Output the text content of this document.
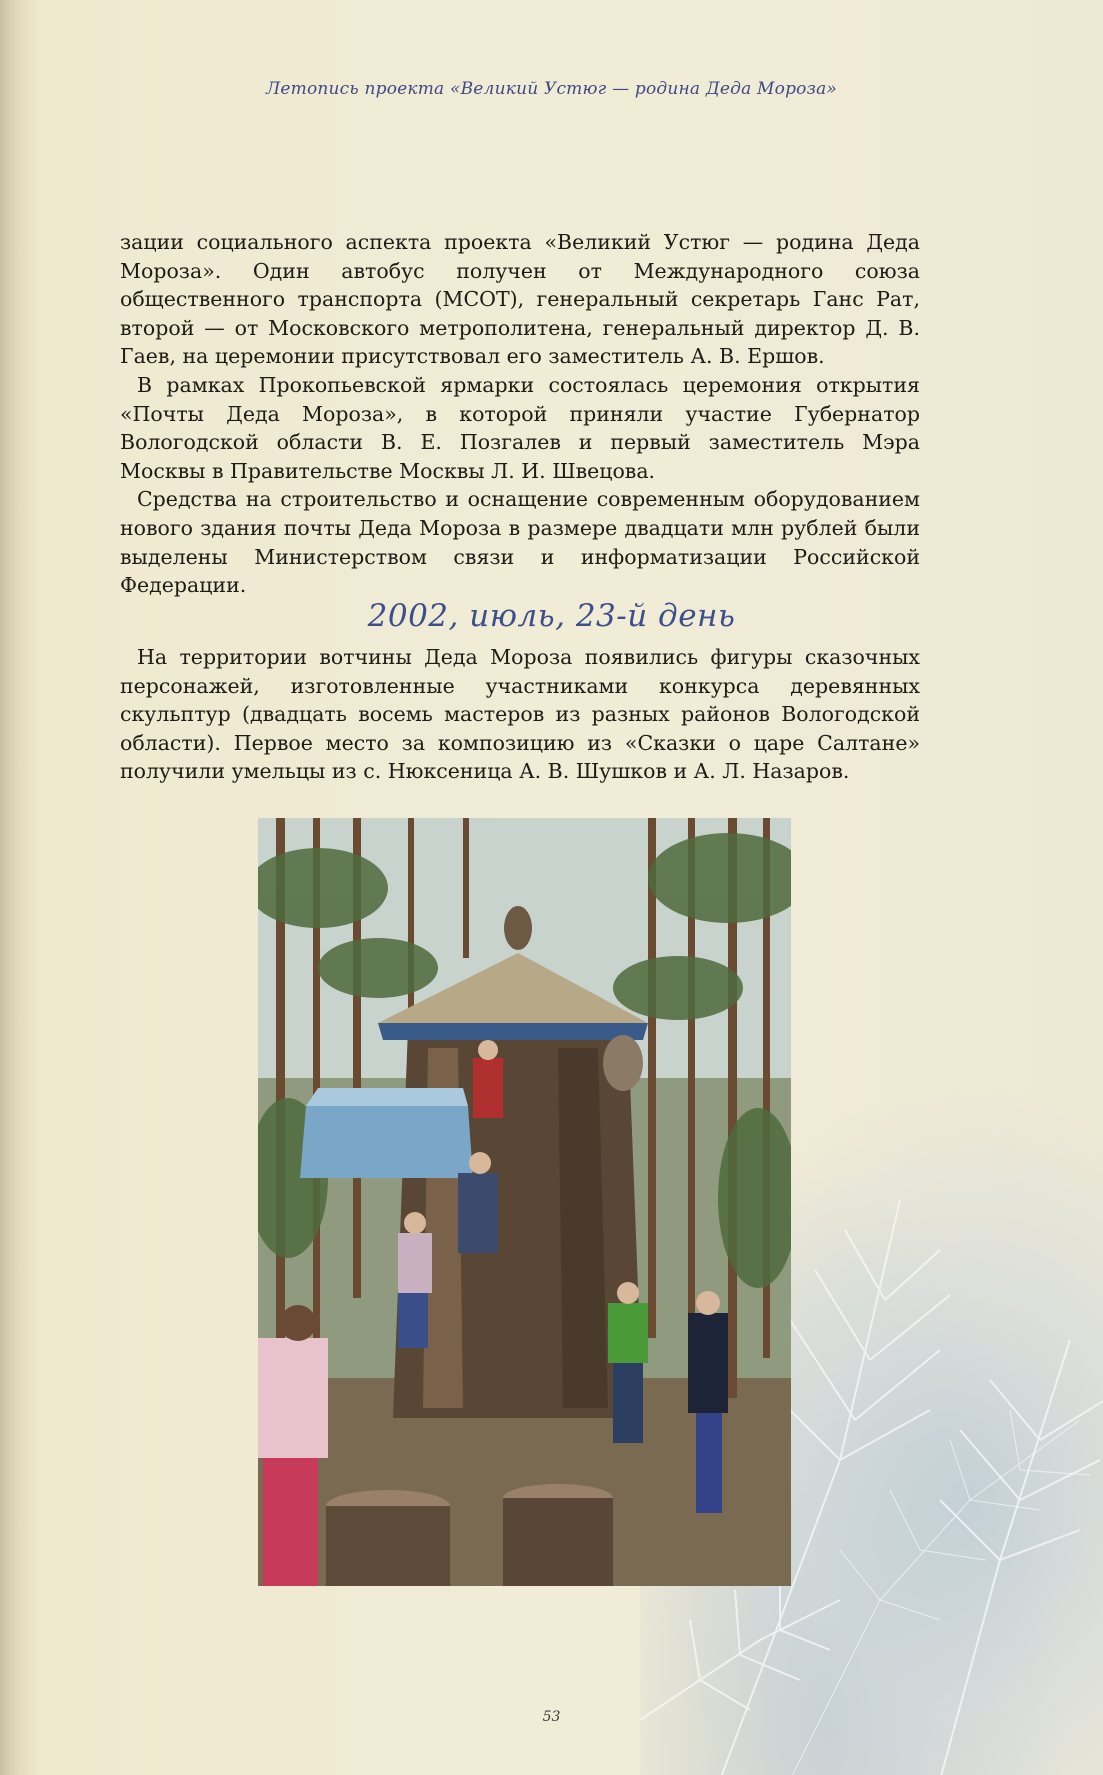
Летопись проекта «Великий Устюг — родина Деда Мороза»

зации социального аспекта проекта «Великий Устюг — родина Деда Мороза». Один автобус получен от Международного союза общественного транспорта (МСОТ), генеральный секретарь Ганс Рат, второй — от Московского метрополитена, генеральный директор Д. В. Гаев, на церемонии присутствовал его заместитель А. В. Ершов.

В рамках Прокопьевской ярмарки состоялась церемония открытия «Почты Деда Мороза», в которой приняли участие Губернатор Вологодской области В. Е. Позгалев и первый заместитель Мэра Москвы в Правительстве Москвы Л. И. Швецова.

Средства на строительство и оснащение современным оборудованием нового здания почты Деда Мороза в размере двадцати млн рублей были выделены Министерством связи и информатизации Российской Федерации.

2002, июль, 23-й день

На территории вотчины Деда Мороза появились фигуры сказочных персонажей, изготовленные участниками конкурса деревянных скульптур (двадцать восемь мастеров из разных районов Вологодской области). Первое место за композицию из «Сказки о царе Салтане» получили умельцы из с. Нюксеница А. В. Шушков и А. Л. Назаров.

53
